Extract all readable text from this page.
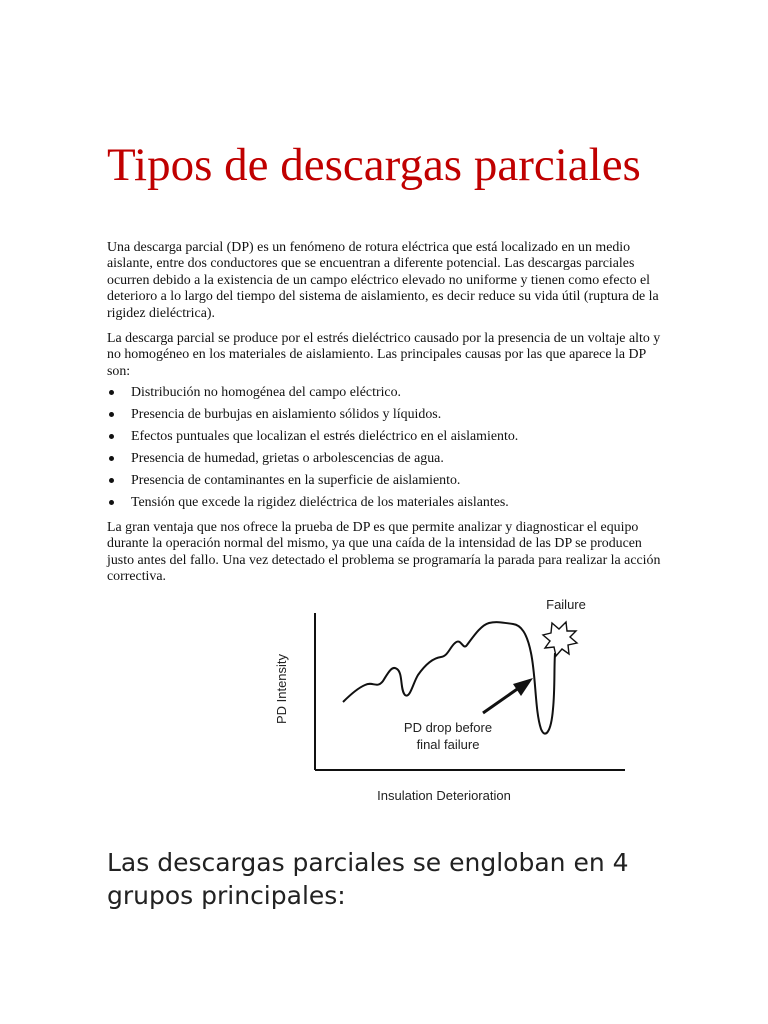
Tipos de descargas parciales

Una descarga parcial (DP) es un fenómeno de rotura eléctrica que está localizado en un medio aislante, entre dos conductores que se encuentran a diferente potencial. Las descargas parciales ocurren debido a la existencia de un campo eléctrico elevado no uniforme y tienen como efecto el deterioro a lo largo del tiempo del sistema de aislamiento, es decir reduce su vida útil (ruptura de la rigidez dieléctrica).

La descarga parcial se produce por el estrés dieléctrico causado por la presencia de un voltaje alto y no homogéneo en los materiales de aislamiento. Las principales causas por las que aparece la DP son:

Distribución no homogénea del campo eléctrico.
Presencia de burbujas en aislamiento sólidos y líquidos.
Efectos puntuales que localizan el estrés dieléctrico en el aislamiento.
Presencia de humedad, grietas o arbolescencias de agua.
Presencia de contaminantes en la superficie de aislamiento.
Tensión que excede la rigidez dieléctrica de los materiales aislantes.

La gran ventaja que nos ofrece la prueba de DP es que permite analizar y diagnosticar el equipo durante la operación normal del mismo, ya que una caída de la intensidad de las DP se producen justo antes del fallo. Una vez detectado el problema se programaría la parada para realizar la acción correctiva.

PD Intensity
Insulation Deterioration
Failure
PD drop before
final failure
Las descargas parciales se engloban en 4 grupos principales:
